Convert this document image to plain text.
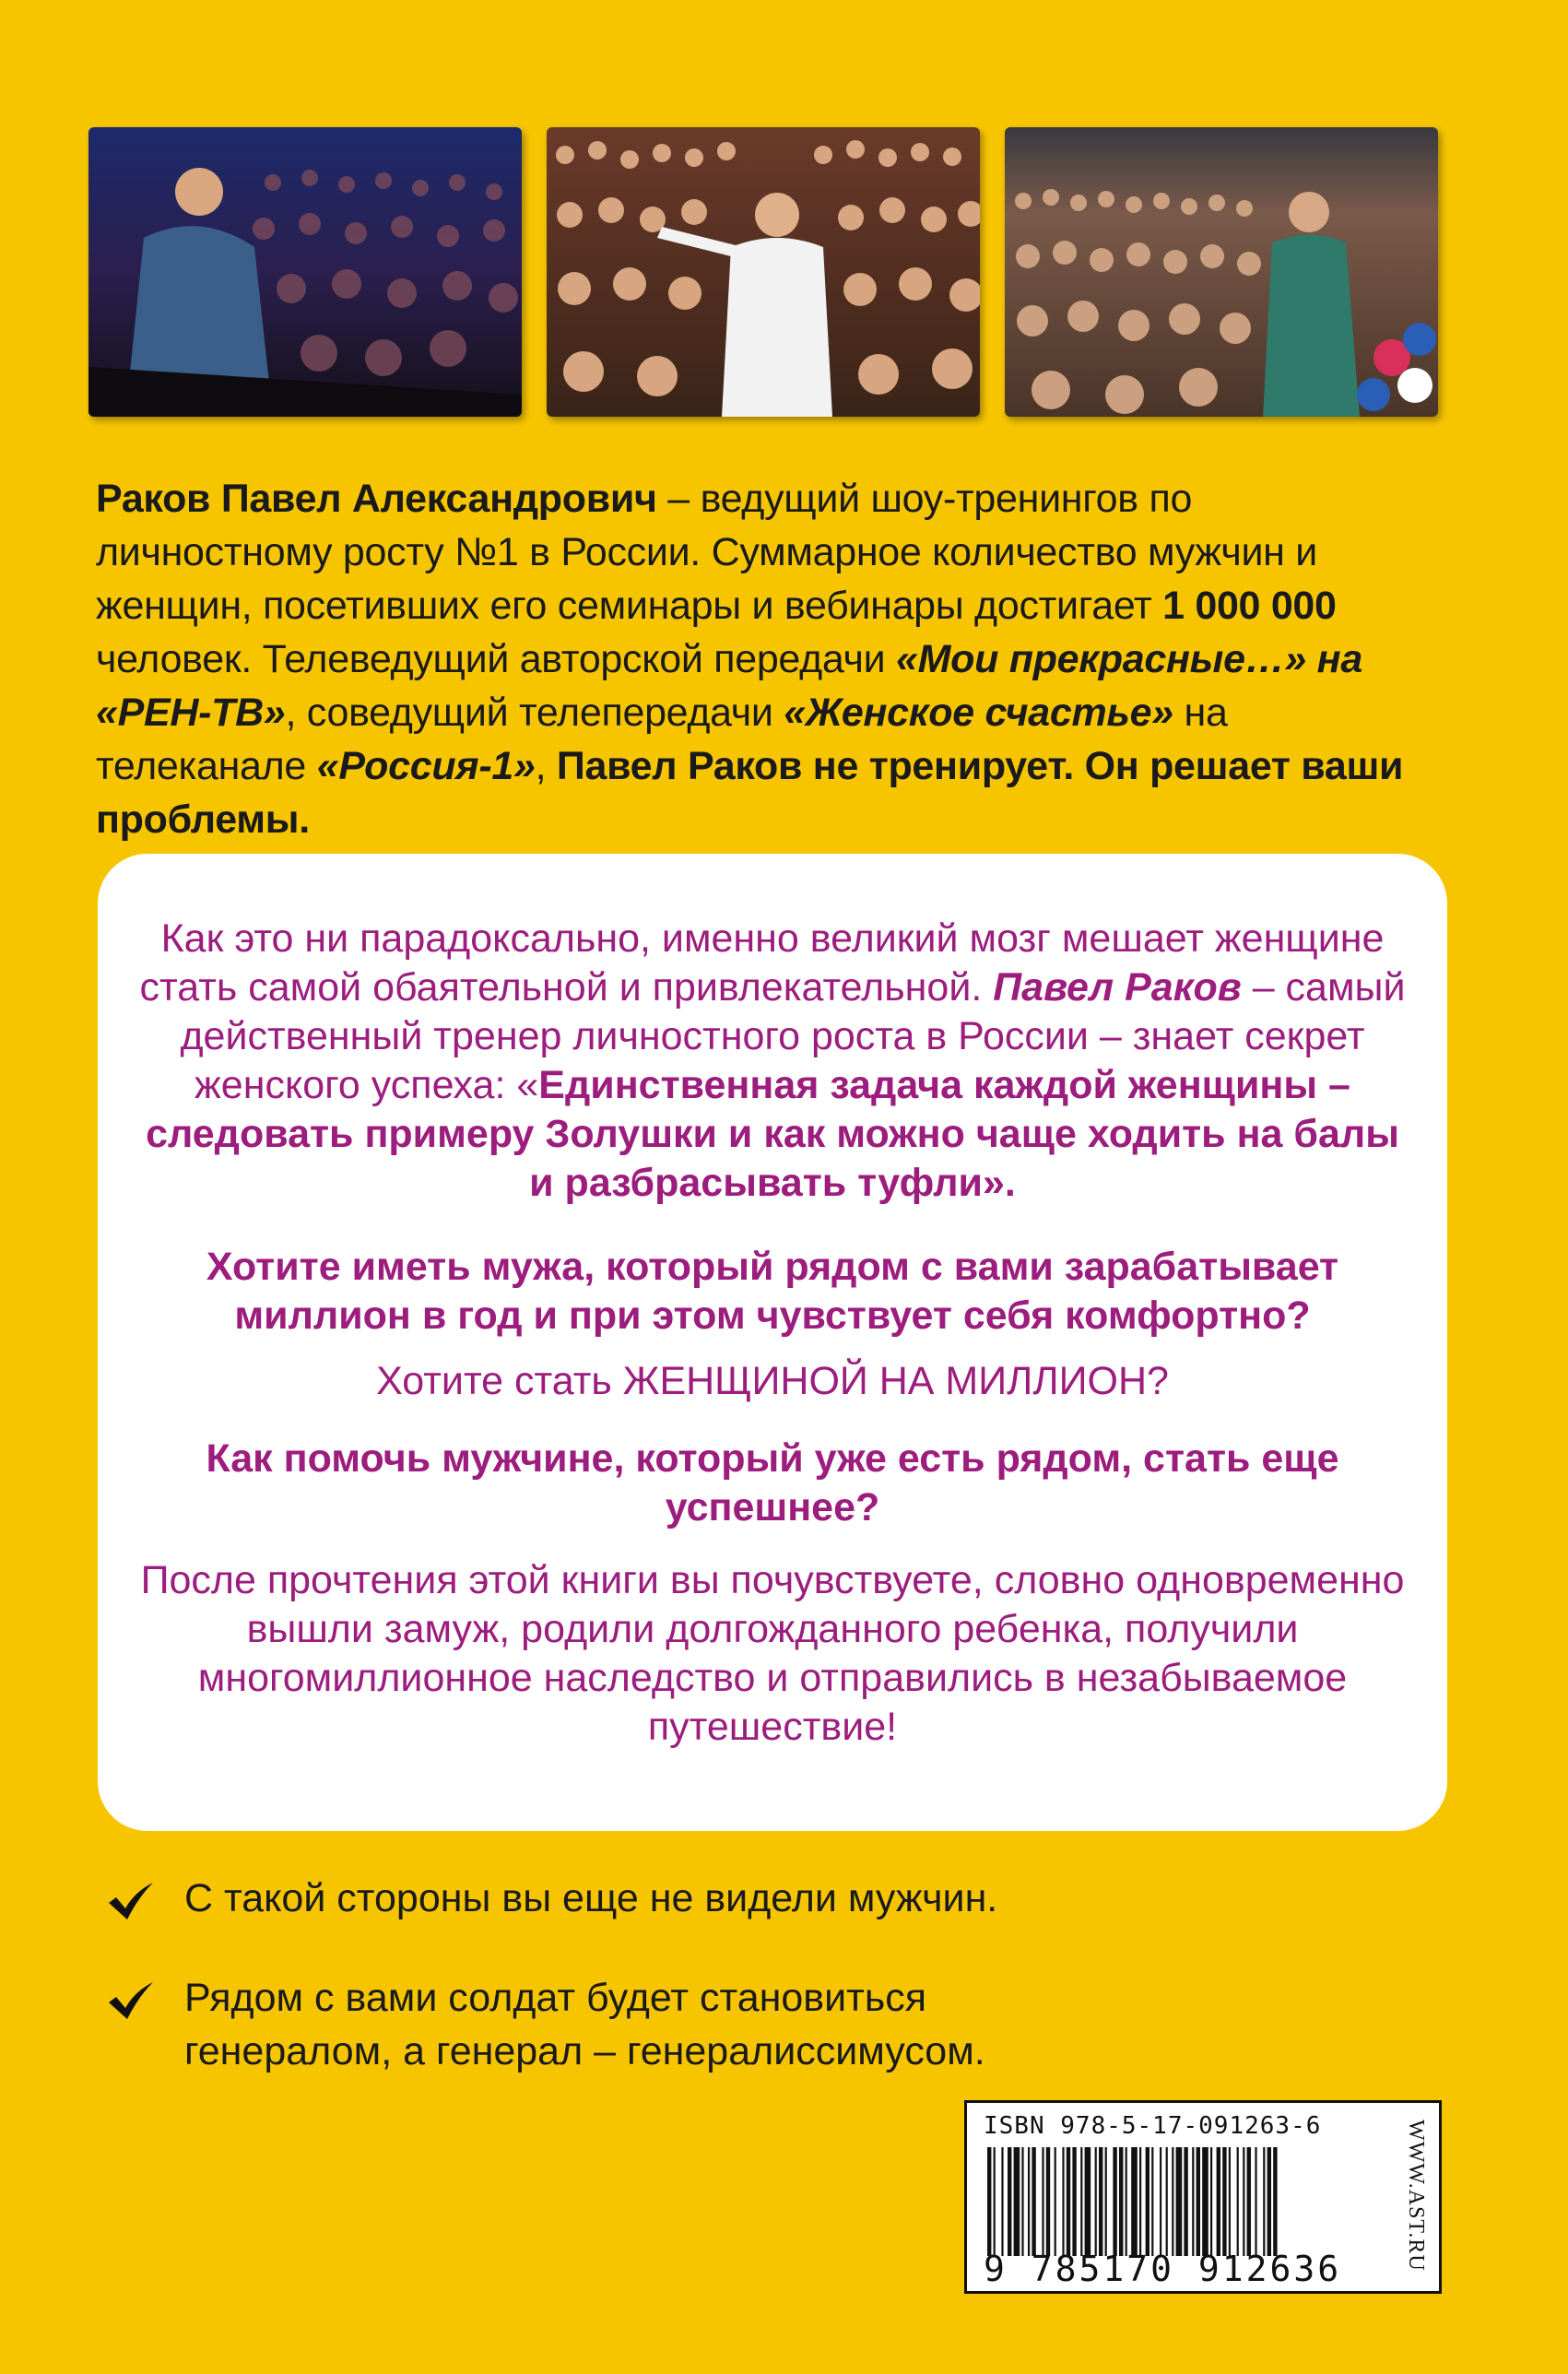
Раков Павел Александрович – ведущий шоу-тренингов по личностному росту №1 в России. Суммарное количество мужчин и женщин, посетивших его семинары и вебинары достигает 1 000 000 человек. Телеведущий авторской передачи «Мои прекрасные…» на «РЕН-ТВ», соведущий телепередачи «Женское счастье» на телеканале «Россия-1», Павел Раков не тренирует. Он решает ваши проблемы.
Как это ни парадоксально, именно великий мозг мешает женщине стать самой обаятельной и привлекательной. Павел Раков – самый действенный тренер личностного роста в России – знает секрет женского успеха: «Единственная задача каждой женщины – следовать примеру Золушки и как можно чаще ходить на балы и разбрасывать туфли».
Хотите иметь мужа, который рядом с вами зарабатывает миллион в год и при этом чувствует себя комфортно?
Хотите стать ЖЕНЩИНОЙ НА МИЛЛИОН?
Как помочь мужчине, который уже есть рядом, стать еще успешнее?
После прочтения этой книги вы почувствуете, словно одновременно вышли замуж, родили долгожданного ребенка, получили многомиллионное наследство и отправились в незабываемое путешествие!
С такой стороны вы еще не видели мужчин.
Рядом с вами солдат будет становиться генералом, а генерал – генералиссимусом.
ISBN 978-5-17-091263-6
9 785170 912636	WWW.AST.RU
